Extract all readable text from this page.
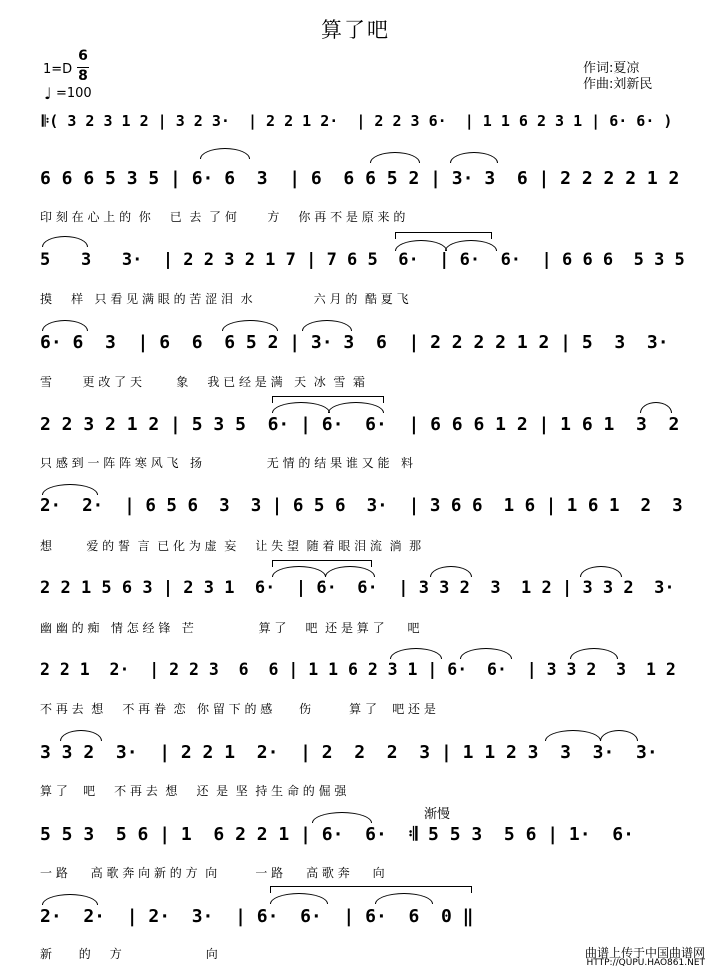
算了吧
1=D
6
8
♩ =100
作词:夏凉
作曲:刘新民
𝄆( 3 2 3 1 2 | 3 2 3·  | 2 2 1 2·  | 2 2 3 6·  | 1 1 6 2 3 1 | 6· 6· )
6 6 6 5 3 5 | 6· 6  3  | 6  6 6 5 2 | 3· 3  6 | 2 2 2 2 1 2
印 刻 在 心 上 的  你     已  去  了 何        方     你 再 不 是 原 来 的
5   3   3·  | 2 2 3 2 1 7 | 7 6 5  6·  | 6·  6·  | 6 6 6  5 3 5
摸     样   只 看 见 满 眼 的 苦 涩 泪  水                六 月 的  酷 夏 飞
6· 6  3  | 6  6  6 5 2 | 3· 3  6  | 2 2 2 2 1 2 | 5  3  3·
雪        更 改 了 天         象     我 已 经 是 满   天  冰  雪  霜
2 2 3 2 1 2 | 5 3 5  6· | 6·  6·  | 6 6 6 1 2 | 1 6 1  3  2
只 感 到 一 阵 阵 寒 风 飞   扬                 无 情 的 结 果 谁 又 能   料
2·  2·  | 6 5 6  3  3 | 6 5 6  3·  | 3 6 6  1 6 | 1 6 1  2  3
想         爱 的 誓  言  已 化 为 虚  妄     让 失 望  随 着 眼 泪 流  淌  那
2 2 1 5 6 3 | 2 3 1  6·  | 6·  6·  | 3 3 2  3  1 2 | 3 3 2  3·
幽 幽 的 痴   情 怎 经 锋   芒                 算 了     吧  还 是 算 了      吧
2 2 1  2·  | 2 2 3  6  6 | 1 1 6 2 3 1 | 6·  6·  | 3 3 2  3  1 2
不 再 去  想     不 再 眷  恋   你 留 下 的 感       伤          算 了    吧 还 是
3 3 2  3·  | 2 2 1  2·  | 2  2  2  3 | 1 1 2 3  3  3·  3·
算 了    吧     不 再 去  想     还  是  坚  持 生 命 的 倔 强
渐慢
5 5 3  5 6 | 1  6 2 2 1 | 6·  6·  𝄇 5 5 3  5 6 | 1·  6·
一 路      高 歌 奔 向 新 的 方  向          一 路      高 歌 奔      向
2·  2·  | 2·  3·  | 6·  6·  | 6·  6  0 ‖
新       的     方                      向	曲谱上传于中国曲谱网
HTTP://QUPU.HAO861.NET
